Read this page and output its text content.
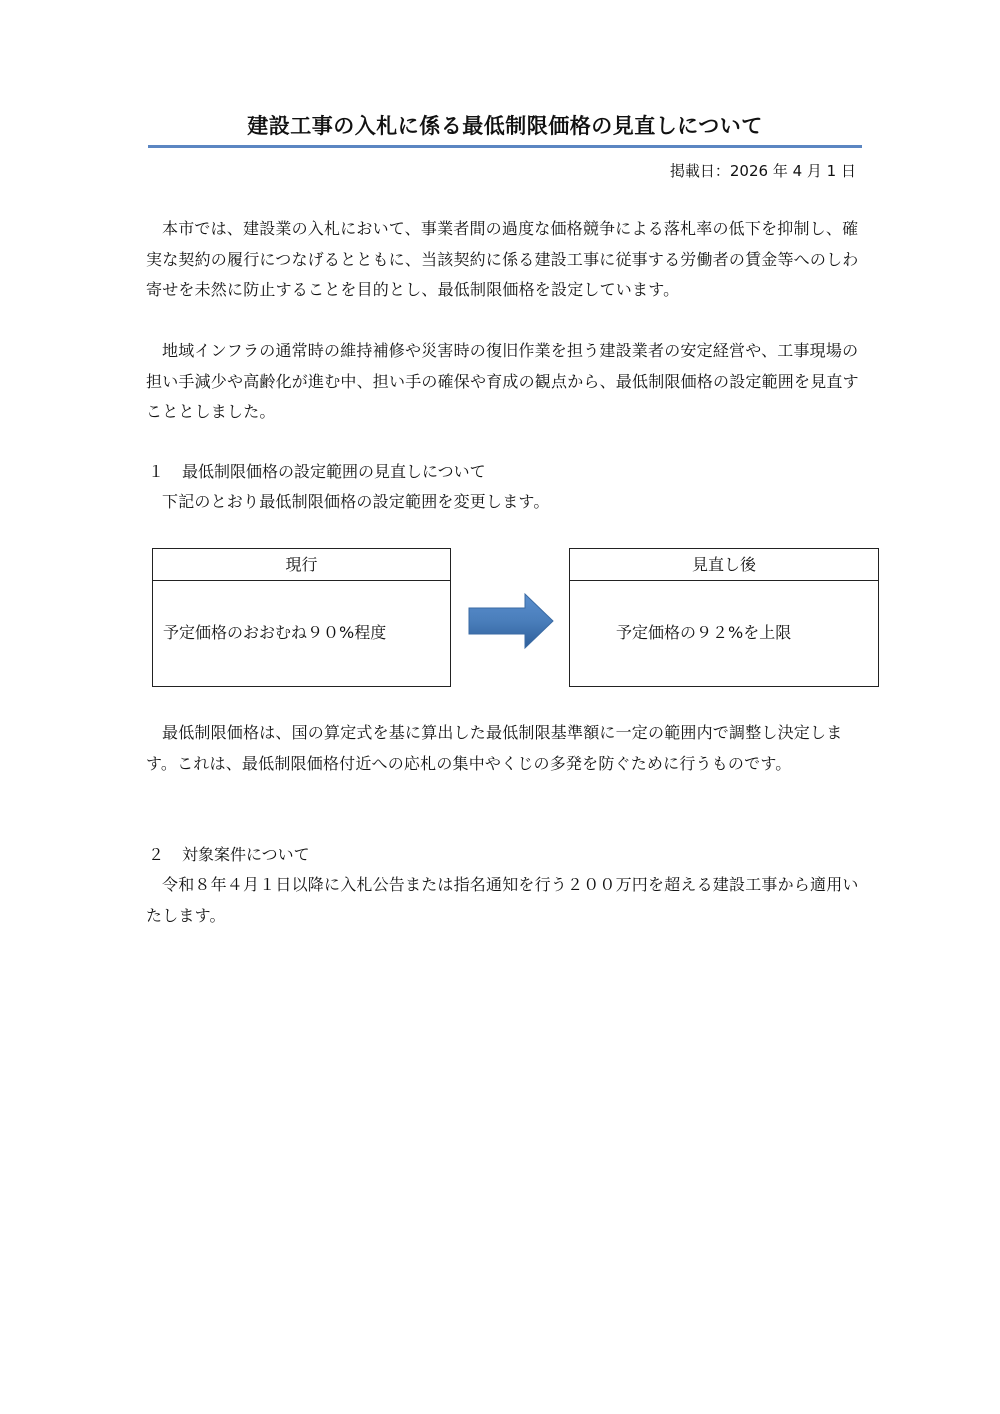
建設工事の入札に係る最低制限価格の見直しについて
掲載日：2026 年 4 月 1 日

本市では、建設業の入札において、事業者間の過度な価格競争による落札率の低下を抑制し、確実な契約の履行につなげるとともに、当該契約に係る建設工事に従事する労働者の賃金等へのしわ寄せを未然に防止することを目的とし、最低制限価格を設定しています。

地域インフラの通常時の維持補修や災害時の復旧作業を担う建設業者の安定経営や、工事現場の担い手減少や高齢化が進む中、担い手の確保や育成の観点から、最低制限価格の設定範囲を見直すこととしました。

１ 最低制限価格の設定範囲の見直しについて

下記のとおり最低制限価格の設定範囲を変更します。

現行
予定価格のおおむね９０%程度
見直し後
予定価格の９２%を上限

最低制限価格は、国の算定式を基に算出した最低制限基準額に一定の範囲内で調整し決定します。これは、最低制限価格付近への応札の集中やくじの多発を防ぐために行うものです。

２ 対象案件について

令和８年４月１日以降に入札公告または指名通知を行う２００万円を超える建設工事から適用いたします。
